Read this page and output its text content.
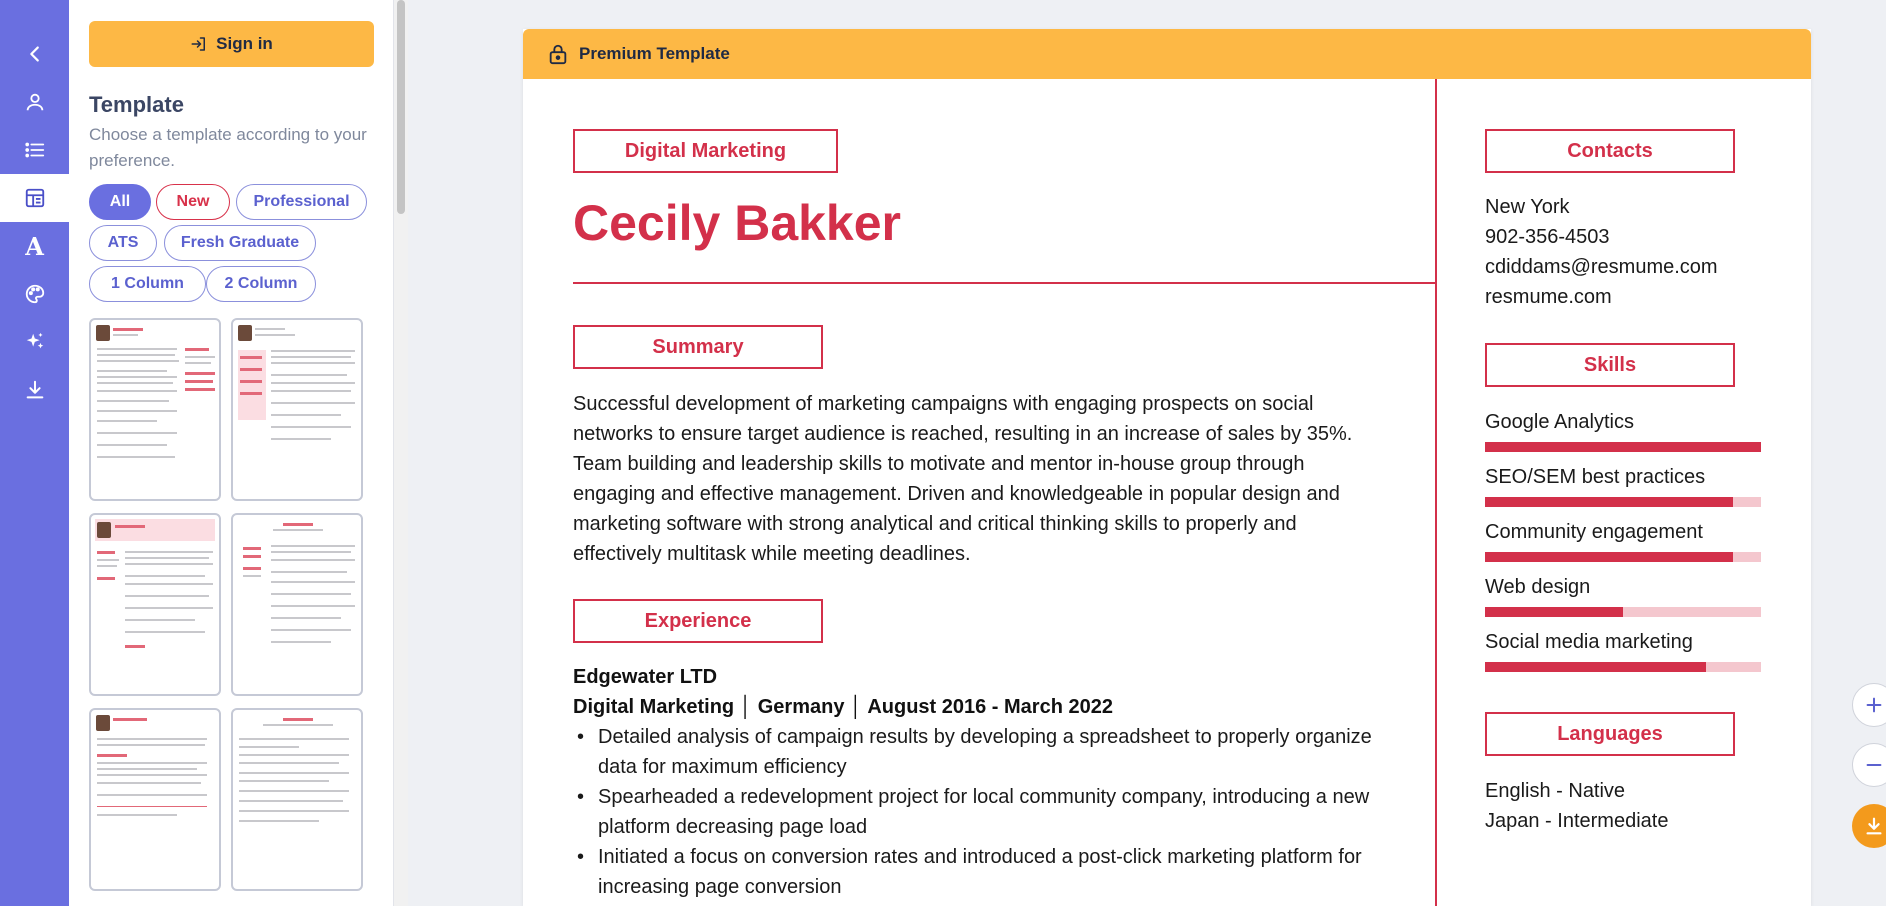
A
Sign in
Template
Choose a template according to your preference.
All	New	Professional
ATS	Fresh Graduate
1 Column	2 Column
Premium Template
Digital Marketing
Cecily Bakker
Summary
Successful development of marketing campaigns with engaging prospects on social
networks to ensure target audience is reached, resulting in an increase of sales by 35%.
Team building and leadership skills to motivate and mentor in-house group through
engaging and effective management. Driven and knowledgeable in popular design and
marketing software with strong analytical and critical thinking skills to properly and
effectively multitask while meeting deadlines.
Experience
Edgewater LTD
Digital Marketing │ Germany │ August 2016 - March 2022
• Detailed analysis of campaign results by developing a spreadsheet to properly organize
data for maximum efficiency
• Spearheaded a redevelopment project for local community company, introducing a new
platform decreasing page load
• Initiated a focus on conversion rates and introduced a post-click marketing platform for
increasing page conversion
Contacts
New York
902-356-4503
cdiddams@resmume.com
resmume.com
Skills
Google Analytics
SEO/SEM best practices
Community engagement
Web design
Social media marketing
Languages
English - Native
Japan - Intermediate
